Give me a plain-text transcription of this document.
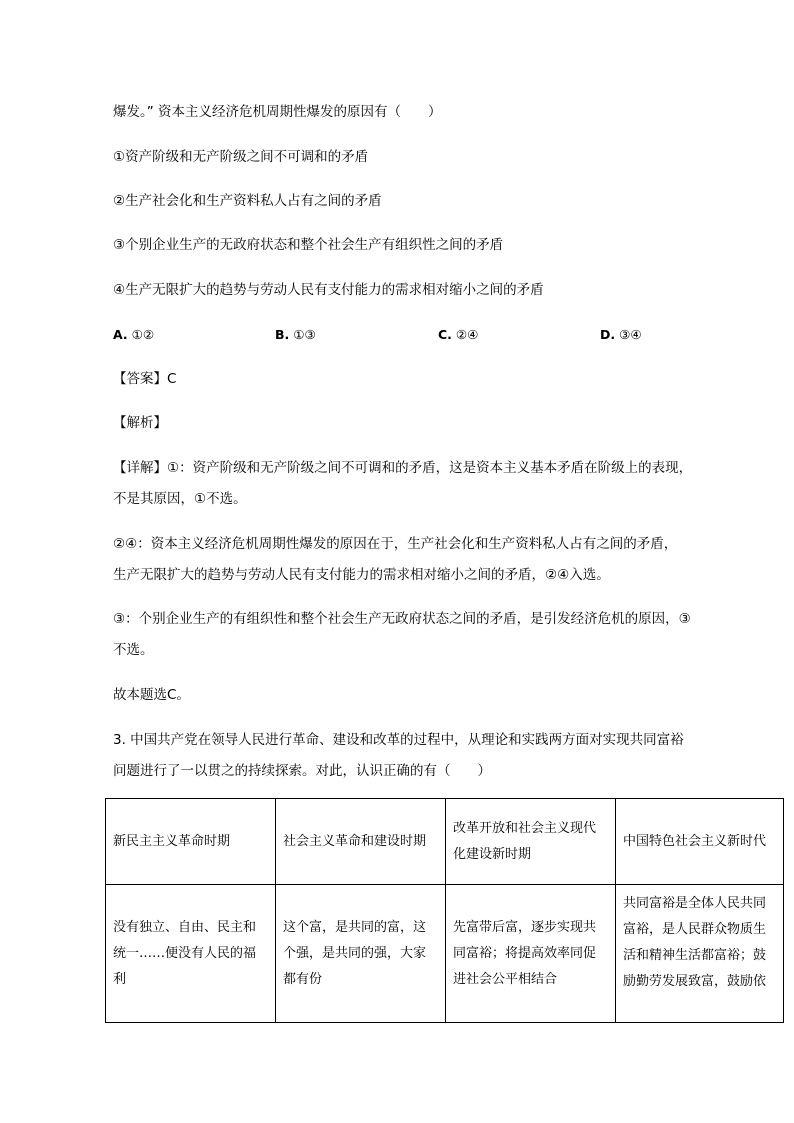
爆发。” 资本主义经济危机周期性爆发的原因有（　　）
①资产阶级和无产阶级之间不可调和的矛盾
②生产社会化和生产资料私人占有之间的矛盾
③个别企业生产的无政府状态和整个社会生产有组织性之间的矛盾
④生产无限扩大的趋势与劳动人民有支付能力的需求相对缩小之间的矛盾
A. ①②	B. ①③	C. ②④	D. ③④
【答案】C
【解析】
【详解】①：资产阶级和无产阶级之间不可调和的矛盾，这是资本主义基本矛盾在阶级上的表现，
不是其原因，①不选。
②④：资本主义经济危机周期性爆发的原因在于，生产社会化和生产资料私人占有之间的矛盾，
生产无限扩大的趋势与劳动人民有支付能力的需求相对缩小之间的矛盾，②④入选。
③：个别企业生产的有组织性和整个社会生产无政府状态之间的矛盾，是引发经济危机的原因，③
不选。
故本题选C。
3. 中国共产党在领导人民进行革命、建设和改革的过程中，从理论和实践两方面对实现共同富裕
问题进行了一以贯之的持续探索。对此，认识正确的有（　　）
新民主主义革命时期	社会主义革命和建设时期	改革开放和社会主义现代化建设新时期	中国特色社会主义新时代
没有独立、自由、民主和统一……便没有人民的福利	这个富，是共同的富，这个强，是共同的强，大家都有份	先富带后富，逐步实现共同富裕；将提高效率同促进社会公平相结合	共同富裕是全体人民共同富裕，是人民群众物质生活和精神生活都富裕；鼓励勤劳发展致富，鼓励依
